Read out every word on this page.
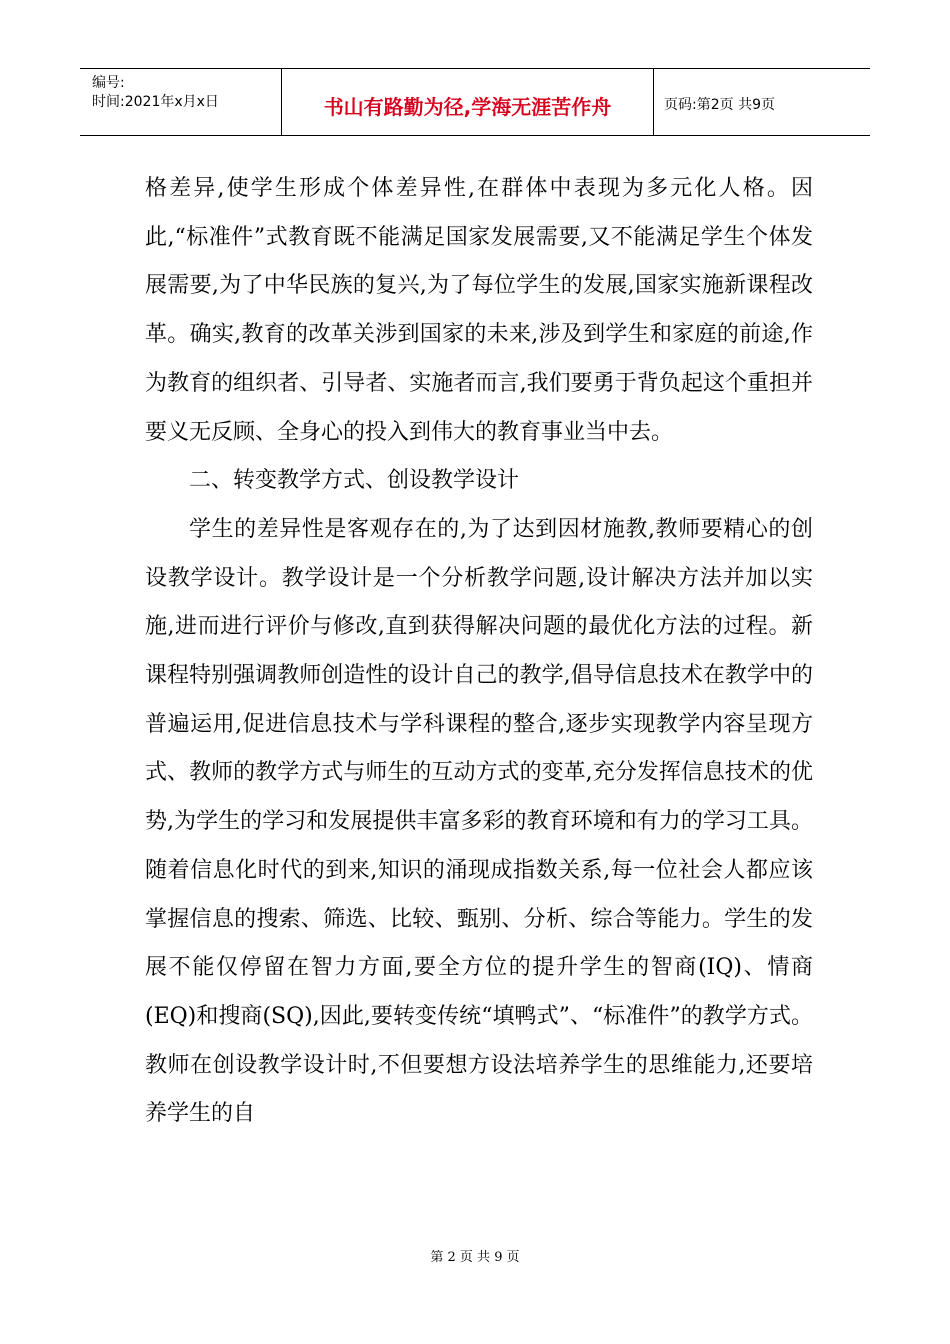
编号:
时间:2021年x月x日	书山有路勤为径,学海无涯苦作舟	页码:第2页 共9页

格差异,使学生形成个体差异性,在群体中表现为多元化人格。因此,“标准件”式教育既不能满足国家发展需要,又不能满足学生个体发展需要,为了中华民族的复兴,为了每位学生的发展,国家实施新课程改革。确实,教育的改革关涉到国家的未来,涉及到学生和家庭的前途,作为教育的组织者、引导者、实施者而言,我们要勇于背负起这个重担并要义无反顾、全身心的投入到伟大的教育事业当中去。

二、转变教学方式、创设教学设计

学生的差异性是客观存在的,为了达到因材施教,教师要精心的创设教学设计。教学设计是一个分析教学问题,设计解决方法并加以实施,进而进行评价与修改,直到获得解决问题的最优化方法的过程。新课程特别强调教师创造性的设计自己的教学,倡导信息技术在教学中的普遍运用,促进信息技术与学科课程的整合,逐步实现教学内容呈现方式、教师的教学方式与师生的互动方式的变革,充分发挥信息技术的优势,为学生的学习和发展提供丰富多彩的教育环境和有力的学习工具。随着信息化时代的到来,知识的涌现成指数关系,每一位社会人都应该掌握信息的搜索、筛选、比较、甄别、分析、综合等能力。学生的发展不能仅停留在智力方面,要全方位的提升学生的智商(IQ)、情商(EQ)和搜商(SQ),因此,要转变传统“填鸭式”、“标准件”的教学方式。教师在创设教学设计时,不但要想方设法培养学生的思维能力,还要培养学生的自

第 2 页 共 9 页
